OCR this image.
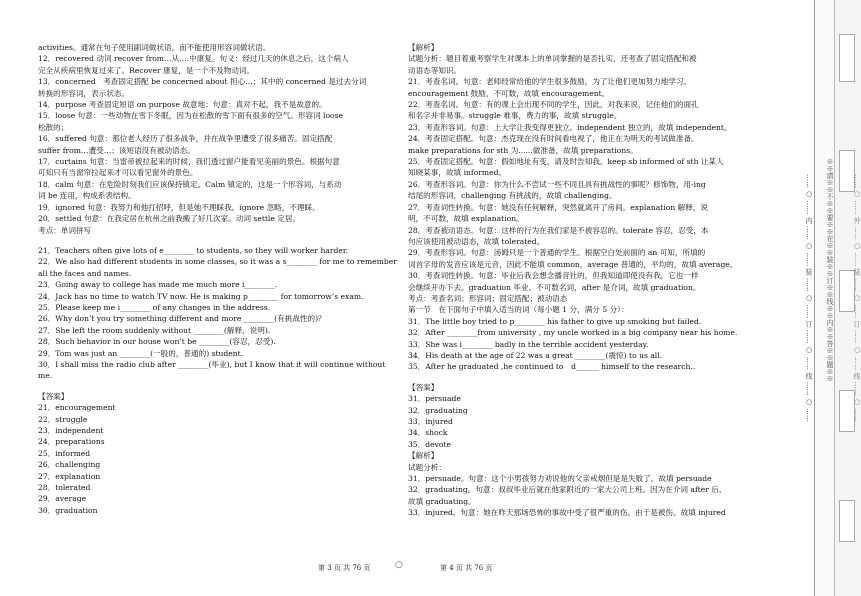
activities。通常在句子使用副词做状语，而不能使用形容词做状语。
12．recovered 动词 recover from…从….中康复。句义：经过几天的休息之后，这个病人
完全从疾病里恢复过来了。Recover 康复，是一个不及物动词。
13．concerned　考查固定搭配 be concerned about 担心…；其中的 concerned 是过去分词
转换的形容词，表示状态。
14．purpose 考查固定短语 on purpose 故意地；句意：真对不起，我不是故意的。
15．loose 句意：一些动物在雪下冬眠，因为在松散的雪下面有很多的空气。形容词 loose
松散的；
16．suffered 句意：那位老人经历了很多战争，并在战争里遭受了很多痛苦。固定搭配
suffer from…遭受…；该短语没有被动语态。
17．curtains 句意：当雷帝被拉起来的时候，我们透过窗户能看见美丽的景色。根据句意
可知只有当窗帘拉起来才可以看见窗外的景色。
18．calm 句意：在危险时刻我们应该保持镇定。Calm 镇定的，这是一个形容词，与系动
词 be 连用，构成系表结构。
19．ignored 句意：我努力和他打招呼，但是她不理睬我。ignore 忽略，不理睬。
20．settled 句意：在我定居在杭州之前我搬了好几次家。动词 settle 定居。
考点：单词拼写
21．Teachers often give lots of e________ to students, so they will worker harder.
22．We also had different students in some classes, so it was a s________ for me to remember
all the faces and names.
23．Going away to college has made me much more i________.
24．Jack has no time to watch TV now. He is making p________ for tomorrow’s exam.
25．Please keep me i________ of any changes in the address.
26．Why don’t you try something different and more ________(有挑战性的)？
27．She left the room suddenly without ________(解释，说明).
28．Such behavior in our house won’t be ________(容忍，忍受).
29．Tom was just an ________(一般的，普通的) student.
30．I shall miss the radio club after ________(毕业), but I know that it will continue without
me.
【答案】
21．encouragement
22．struggle
23．independent
24．preparations
25．informed
26．challenging
27．explanation
28．tolerated
29．average
30．graduation
【解析】
试题分析：题目着重考察学生对课本上的单词掌握的是否扎实，还考查了固定搭配和被
动语态等知识。
21．考查名词。句意：老师经常给他的学生很多鼓励，为了让他们更加努力地学习。
encouragement 鼓励，不可数，故填 encouragement。
22．考查名词。句意：有的课上会出现不同的学生，因此，对我来说，记住他们的面孔
和名字并非易事。struggle 难事，费力的事，故填 struggle。
23．考查形容词。句意：上大学让我变得更独立。independent 独立的，故填 independent。
24．考查固定搭配。句意：杰克现在没有时间看电视了，他正在为明天的考试做准备。
make preparations for sth 为......做准备，故填 preparations。
25．考查固定搭配。句意：假如地址有变，请及时告知我。keep sb informed of sth 让某人
知晓某事，故填 informed。
26．考查形容词。句意：你为什么不尝试一些不同且具有挑战性的事呢？修饰物，用-ing
结尾的形容词，challenging 有挑战的，故填 challenging。
27．考查词性转换。句意：她没有任何解释，突然就离开了房间。explanation 解释，说
明，不可数，故填 explanation。
28．考查被动语态。句意：这样的行为在我们家是不被容忍的。tolerate 容忍，忍受，本
句应该使用被动语态，故填 tolerated。
29．考查形容词。句意：汤姆只是一个普通的学生。根据空白处前面的 an 可知，所填的
词首字母的发音应该是元音，因此不能填 common，average 普通的，平均的，故填 average。
30．考查词性转换。句意：毕业后我会想念播音社的，但我知道即使没有我，它也一样
会继续开办下去。graduation 毕业，不可数名词，after 是介词，故填 graduation。
考点：考查名词；形容词；固定搭配；被动语态
第一节　在下面句子中填入适当的词（每小题 1 分，满分 5 分）：
31．The little boy tried to p________ his father to give up smoking but failed.
32．After ________from university , my uncle worked in a big company near his home.
33．She was i________ badly in the terrible accident yesterday.
34．His death at the age of 22 was a great ________(震惊) to us all.
35．After he graduated ,he continued to　d______ himself to the research..
【答案】
31．persuade
32．graduating
33．injured
34．shock
35．devote
【解析】
试题分析：
31．persuade。句意：这个小男孩努力劝说他的父亲戒烟但是是失败了。故填 persuade
32．graduating。句意：叔叔毕业后就在他家附近的一家大公司上班。因为在介词 after 后，
故填 graduating。
33．injured。句意：她在昨天那场恐怖的事故中受了很严重的伤。由于是被伤。故填 injured
第 3 页 共 76 页	○	第 4 页 共 76 页
…… ○ …… 内 …… ○ …… 装 …… ○ …… 订 …… ○ …… 线 …… ○ ……	※※请※※不※※要※※在※※装※※订※※线※※内※※答※※题※※	…… ○ …… 外 …… ○ …… 装 …… ○ …… 订 …… ○ …… 线 …… ○ ……
